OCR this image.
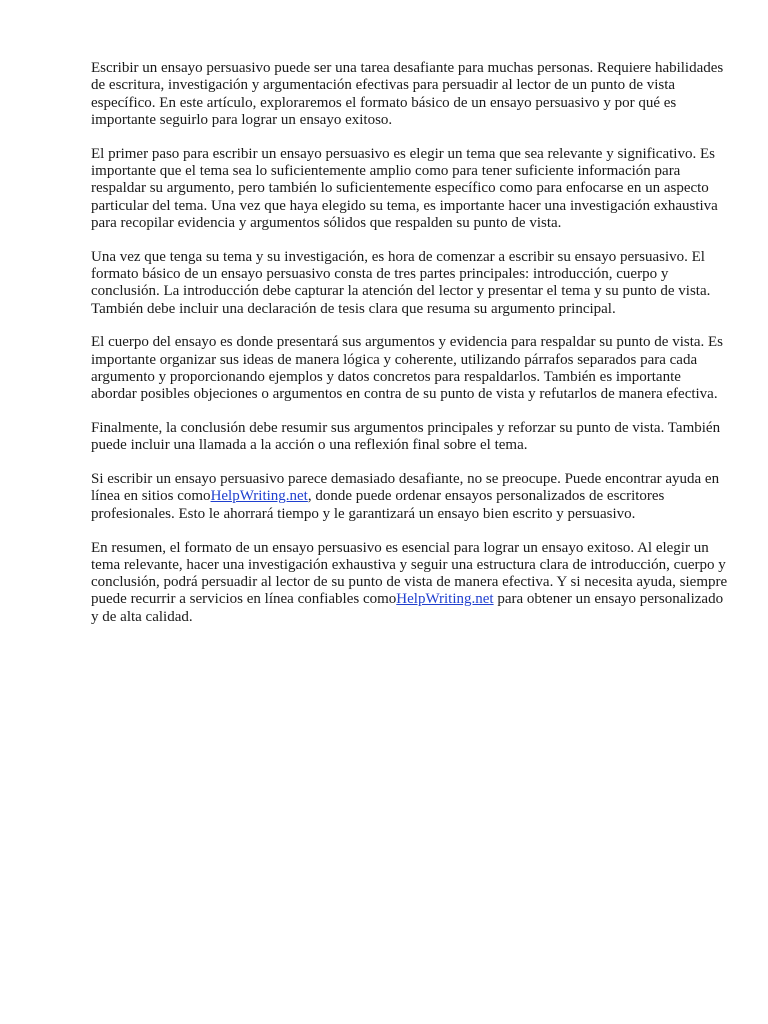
Escribir un ensayo persuasivo puede ser una tarea desafiante para muchas personas. Requiere habilidades de escritura, investigación y argumentación efectivas para persuadir al lector de un punto de vista específico. En este artículo, exploraremos el formato básico de un ensayo persuasivo y por qué es importante seguirlo para lograr un ensayo exitoso.

El primer paso para escribir un ensayo persuasivo es elegir un tema que sea relevante y significativo. Es importante que el tema sea lo suficientemente amplio como para tener suficiente información para respaldar su argumento, pero también lo suficientemente específico como para enfocarse en un aspecto particular del tema. Una vez que haya elegido su tema, es importante hacer una investigación exhaustiva para recopilar evidencia y argumentos sólidos que respalden su punto de vista.

Una vez que tenga su tema y su investigación, es hora de comenzar a escribir su ensayo persuasivo. El formato básico de un ensayo persuasivo consta de tres partes principales: introducción, cuerpo y conclusión. La introducción debe capturar la atención del lector y presentar el tema y su punto de vista. También debe incluir una declaración de tesis clara que resuma su argumento principal.

El cuerpo del ensayo es donde presentará sus argumentos y evidencia para respaldar su punto de vista. Es importante organizar sus ideas de manera lógica y coherente, utilizando párrafos separados para cada argumento y proporcionando ejemplos y datos concretos para respaldarlos. También es importante abordar posibles objeciones o argumentos en contra de su punto de vista y refutarlos de manera efectiva.

Finalmente, la conclusión debe resumir sus argumentos principales y reforzar su punto de vista. También puede incluir una llamada a la acción o una reflexión final sobre el tema.

Si escribir un ensayo persuasivo parece demasiado desafiante, no se preocupe. Puede encontrar ayuda en línea en sitios comoHelpWriting.net, donde puede ordenar ensayos personalizados de escritores profesionales. Esto le ahorrará tiempo y le garantizará un ensayo bien escrito y persuasivo.

En resumen, el formato de un ensayo persuasivo es esencial para lograr un ensayo exitoso. Al elegir un tema relevante, hacer una investigación exhaustiva y seguir una estructura clara de introducción, cuerpo y conclusión, podrá persuadir al lector de su punto de vista de manera efectiva. Y si necesita ayuda, siempre puede recurrir a servicios en línea confiables comoHelpWriting.net para obtener un ensayo personalizado y de alta calidad.
